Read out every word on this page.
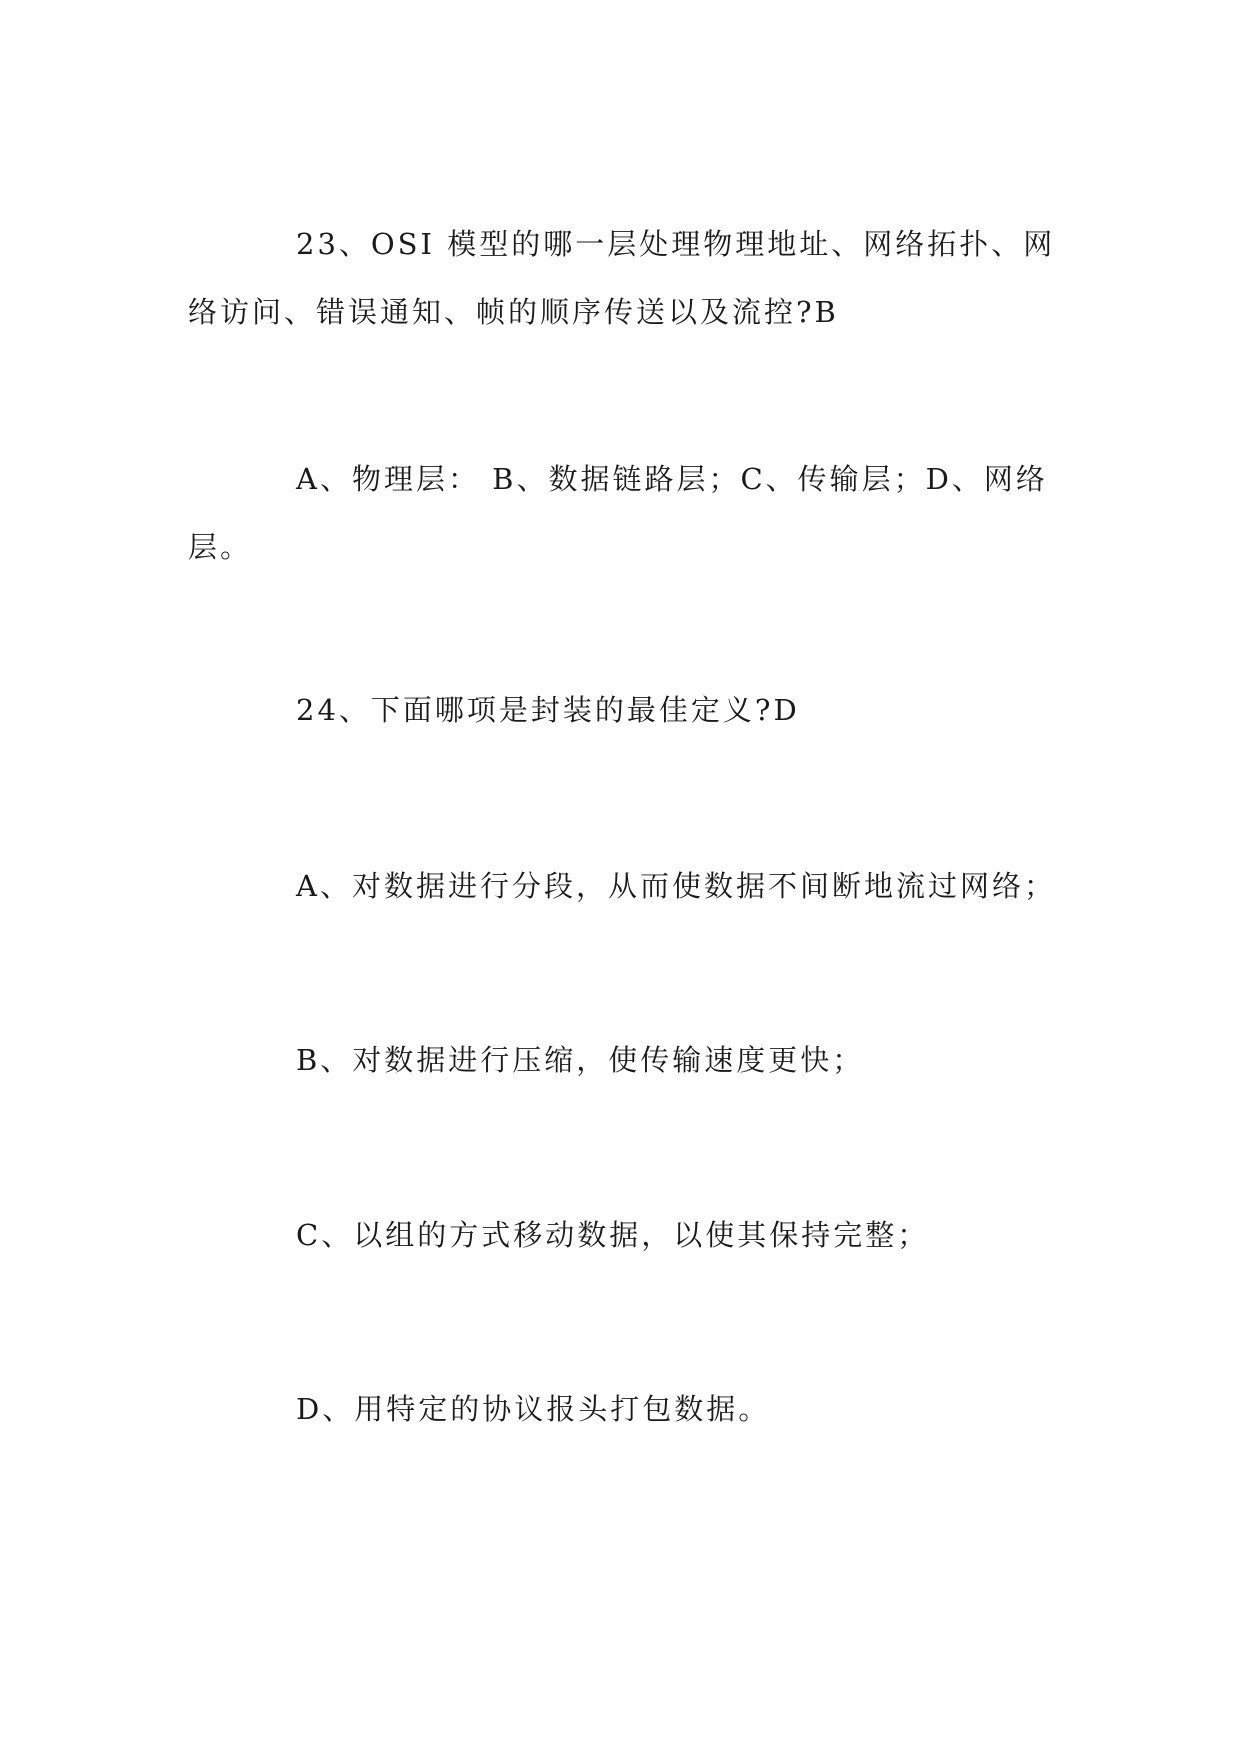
23、OSI 模型的哪一层处理物理地址、网络拓扑、网络访问、错误通知、帧的顺序传送以及流控?B

A、物理层： B、数据链路层；C、传输层；D、网络层。

24、下面哪项是封装的最佳定义?D

A、对数据进行分段，从而使数据不间断地流过网络；

B、对数据进行压缩，使传输速度更快；

C、以组的方式移动数据，以使其保持完整；

D、用特定的协议报头打包数据。
